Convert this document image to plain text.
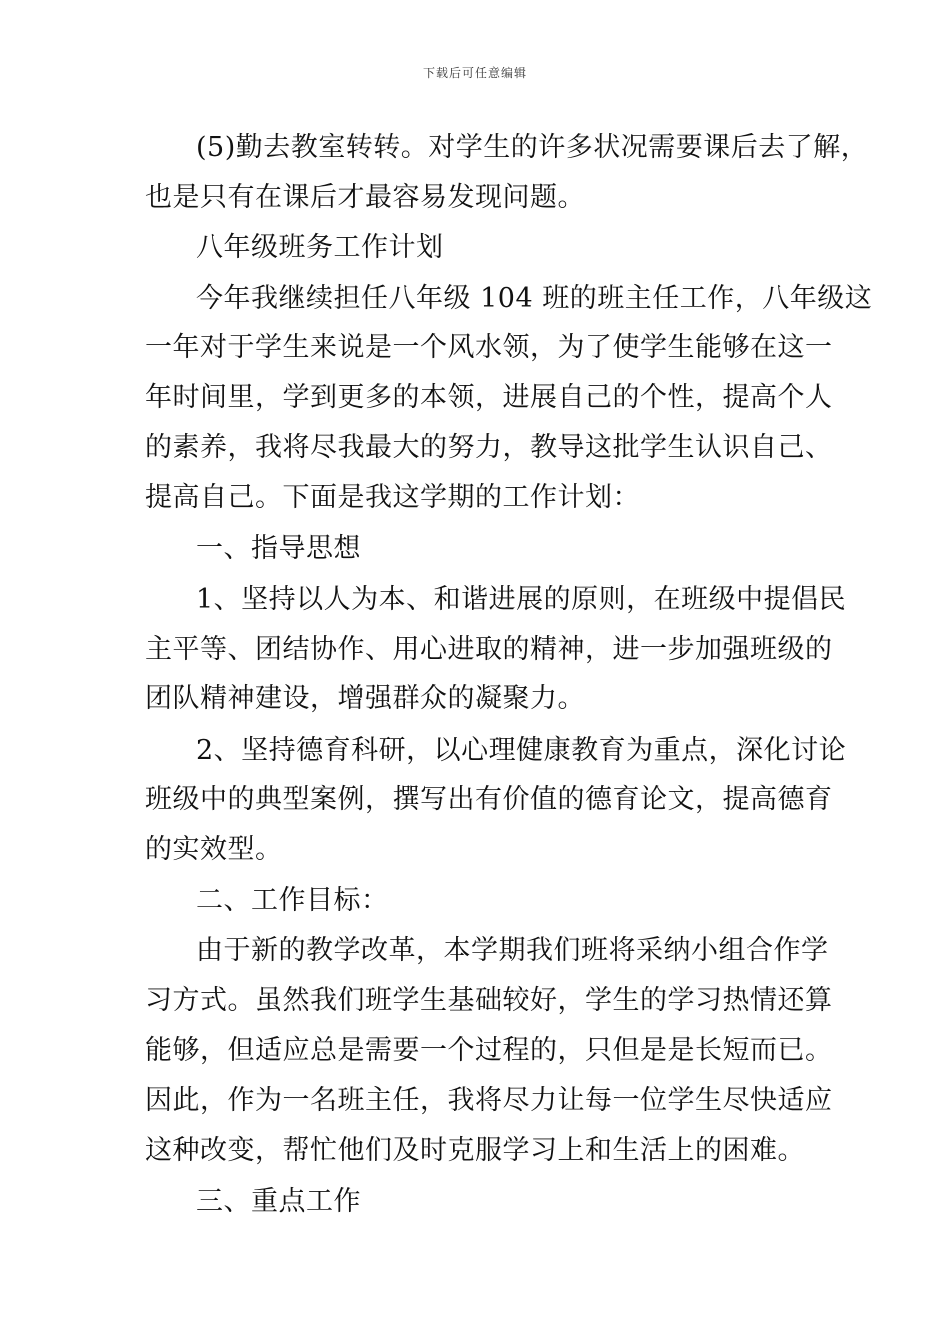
下载后可任意编辑
(5)勤去教室转转。对学生的许多状况需要课后去了解，
也是只有在课后才最容易发现问题。
八年级班务工作计划
今年我继续担任八年级 104 班的班主任工作，八年级这
一年对于学生来说是一个风水领，为了使学生能够在这一
年时间里，学到更多的本领，进展自己的个性，提高个人
的素养，我将尽我最大的努力，教导这批学生认识自己、
提高自己。下面是我这学期的工作计划：
一、指导思想
1、坚持以人为本、和谐进展的原则，在班级中提倡民
主平等、团结协作、用心进取的精神，进一步加强班级的
团队精神建设，增强群众的凝聚力。
2、坚持德育科研，以心理健康教育为重点，深化讨论
班级中的典型案例，撰写出有价值的德育论文，提高德育
的实效型。
二、工作目标：
由于新的教学改革，本学期我们班将采纳小组合作学
习方式。虽然我们班学生基础较好，学生的学习热情还算
能够，但适应总是需要一个过程的，只但是是长短而已。
因此，作为一名班主任，我将尽力让每一位学生尽快适应
这种改变，帮忙他们及时克服学习上和生活上的困难。
三、重点工作
